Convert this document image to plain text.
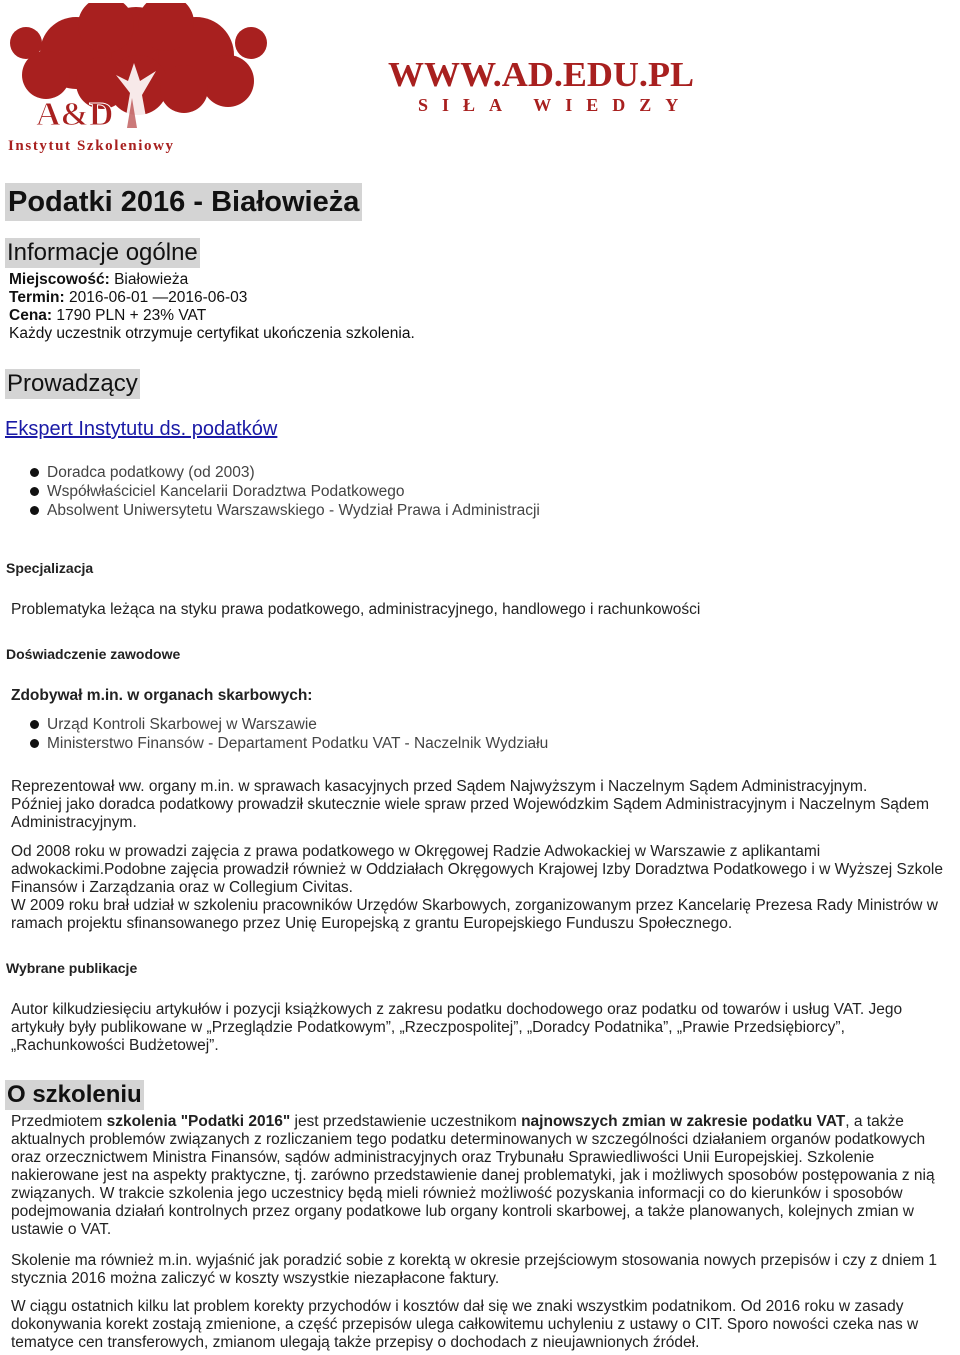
A&D
Instytut Szkoleniowy
WWW.AD.EDU.PL
SIŁA WIEDZY
Podatki 2016 - Białowieża
Informacje ogólne
Miejscowość: Białowieża
Termin: 2016-06-01 —2016-06-03
Cena: 1790 PLN + 23% VAT
Każdy uczestnik otrzymuje certyfikat ukończenia szkolenia.
Prowadzący
Ekspert Instytutu ds. podatków
Doradca podatkowy (od 2003)
Współwłaściciel Kancelarii Doradztwa Podatkowego
Absolwent Uniwersytetu Warszawskiego - Wydział Prawa i Administracji
Specjalizacja

Problematyka leżąca na styku prawa podatkowego, administracyjnego, handlowego i rachunkowości

Doświadczenie zawodowe

Zdobywał m.in. w organach skarbowych:

Urząd Kontroli Skarbowej w Warszawie
Ministerstwo Finansów - Departament Podatku VAT - Naczelnik Wydziału

Reprezentował ww. organy m.in. w sprawach kasacyjnych przed Sądem Najwyższym i Naczelnym Sądem Administracyjnym.

Później jako doradca podatkowy prowadził skutecznie wiele spraw przed Wojewódzkim Sądem Administracyjnym i Naczelnym Sądem Administracyjnym.

Od 2008 roku w prowadzi zajęcia z prawa podatkowego w Okręgowej Radzie Adwokackiej w Warszawie z aplikantami adwokackimi.Podobne zajęcia prowadził również w Oddziałach Okręgowych Krajowej Izby Doradztwa Podatkowego i w Wyższej Szkole Finansów i Zarządzania oraz w Collegium Civitas.

W 2009 roku brał udział w szkoleniu pracowników Urzędów Skarbowych, zorganizowanym przez Kancelarię Prezesa Rady Ministrów w ramach projektu sfinansowanego przez Unię Europejską z grantu Europejskiego Funduszu Społecznego.

Wybrane publikacje

Autor kilkudziesięciu artykułów i pozycji książkowych z zakresu podatku dochodowego oraz podatku od towarów i usług VAT. Jego artykuły były publikowane w „Przeglądzie Podatkowym”, „Rzeczpospolitej”, „Doradcy Podatnika”, „Prawie Przedsiębiorcy”, „Rachunkowości Budżetowej”.

O szkoleniu

Przedmiotem szkolenia "Podatki 2016" jest przedstawienie uczestnikom najnowszych zmian w zakresie podatku VAT, a także aktualnych problemów związanych z rozliczaniem tego podatku determinowanych w szczególności działaniem organów podatkowych oraz orzecznictwem Ministra Finansów, sądów administracyjnych oraz Trybunału Sprawiedliwości Unii Europejskiej. Szkolenie nakierowane jest na aspekty praktyczne, tj. zarówno przedstawienie danej problematyki, jak i możliwych sposobów postępowania z nią związanych. W trakcie szkolenia jego uczestnicy będą mieli również możliwość pozyskania informacji co do kierunków i sposobów podejmowania działań kontrolnych przez organy podatkowe lub organy kontroli skarbowej, a także planowanych, kolejnych zmian w ustawie o VAT.

Skolenie ma również m.in. wyjaśnić jak poradzić sobie z korektą w okresie przejściowym stosowania nowych przepisów i czy z dniem 1 stycznia 2016 można zaliczyć w koszty wszystkie niezapłacone faktury.

W ciągu ostatnich kilku lat problem korekty przychodów i kosztów dał się we znaki wszystkim podatnikom. Od 2016 roku w zasady dokonywania korekt zostają zmienione, a część przepisów ulega całkowitemu uchyleniu z ustawy o CIT. Sporo nowości czeka nas w tematyce cen transferowych, zmianom ulegają także przepisy o dochodach z nieujawnionych źródeł.
